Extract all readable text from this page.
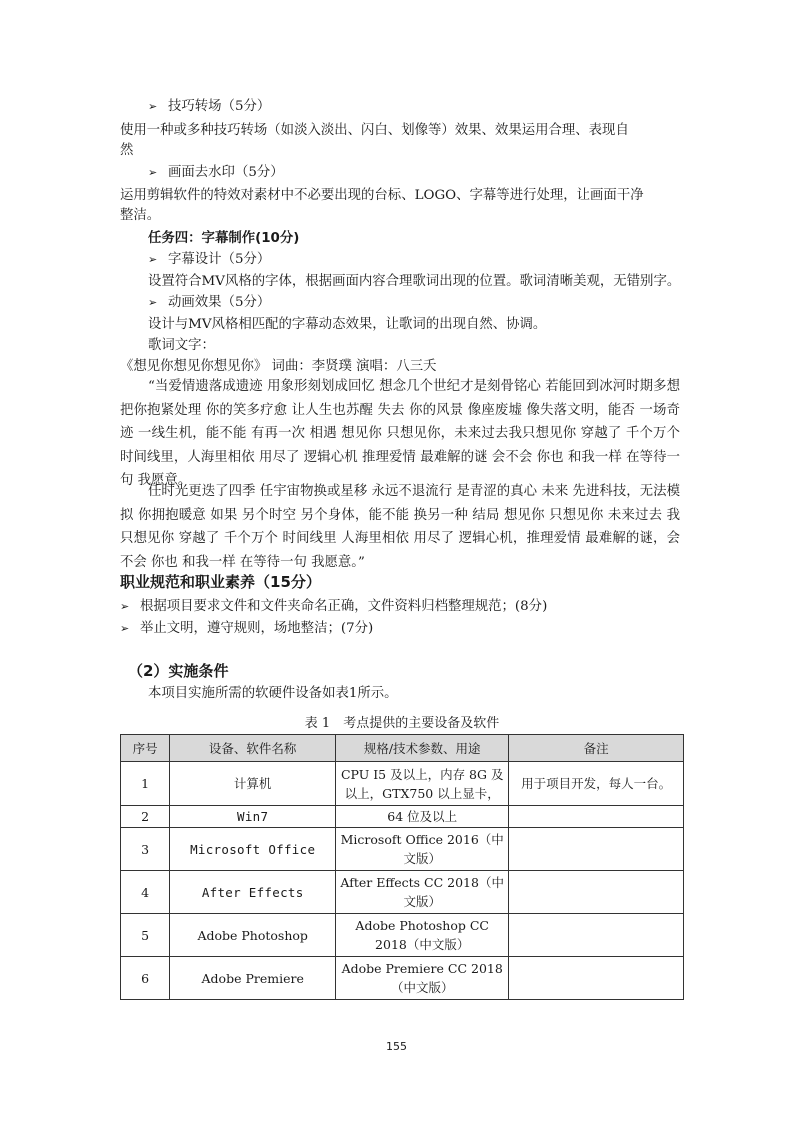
➢ 技巧转场（5分）
使用一种或多种技巧转场（如淡入淡出、闪白、划像等）效果、效果运用合理、表现自
然
➢ 画面去水印（5分）
运用剪辑软件的特效对素材中不必要出现的台标、LOGO、字幕等进行处理，让画面干净
整洁。
任务四：字幕制作(10分)
➢ 字幕设计（5分）
设置符合MV风格的字体，根据画面内容合理歌词出现的位置。歌词清晰美观，无错别字。
➢ 动画效果（5分）
设计与MV风格相匹配的字幕动态效果，让歌词的出现自然、协调。
歌词文字：
《想见你想见你想见你》 词曲：李贤璞 演唱：八三夭
“当爱情遗落成遗迹 用象形刻划成回忆 想念几个世纪才是刻骨铭心 若能回到冰河时期多想把你抱紧处理 你的笑多疗愈 让人生也苏醒 失去 你的风景 像座废墟 像失落文明，能否 一场奇迹 一线生机，能不能 有再一次 相遇 想见你 只想见你，未来过去我只想见你 穿越了 千个万个 时间线里，人海里相依 用尽了 逻辑心机 推理爱情 最难解的谜 会不会 你也 和我一样 在等待一句 我愿意。
任时光更迭了四季 任宇宙物换或星移 永远不退流行 是青涩的真心 未来 先进科技，无法模拟 你拥抱暖意 如果 另个时空 另个身体，能不能 换另一种 结局 想见你 只想见你 未来过去 我只想见你 穿越了 千个万个 时间线里 人海里相依 用尽了 逻辑心机，推理爱情 最难解的谜，会不会 你也 和我一样 在等待一句 我愿意。”
职业规范和职业素养（15分）
➢ 根据项目要求文件和文件夹命名正确，文件资料归档整理规范；(8分)
➢ 举止文明，遵守规则，场地整洁；(7分)
（2）实施条件
本项目实施所需的软硬件设备如表1所示。
表 1　考点提供的主要设备及软件
序号	设备、软件名称	规格/技术参数、用途	备注
1	计算机	CPU I5 及以上，内存 8G 及以上，GTX750 以上显卡，	用于项目开发，每人一台。
2	Win7	64 位及以上	
3	Microsoft Office	Microsoft Office 2016（中文版）	
4	After Effects	After Effects CC 2018（中文版）	
5	Adobe Photoshop	Adobe Photoshop CC 2018（中文版）	
6	Adobe Premiere	Adobe Premiere CC 2018（中文版）	
155
